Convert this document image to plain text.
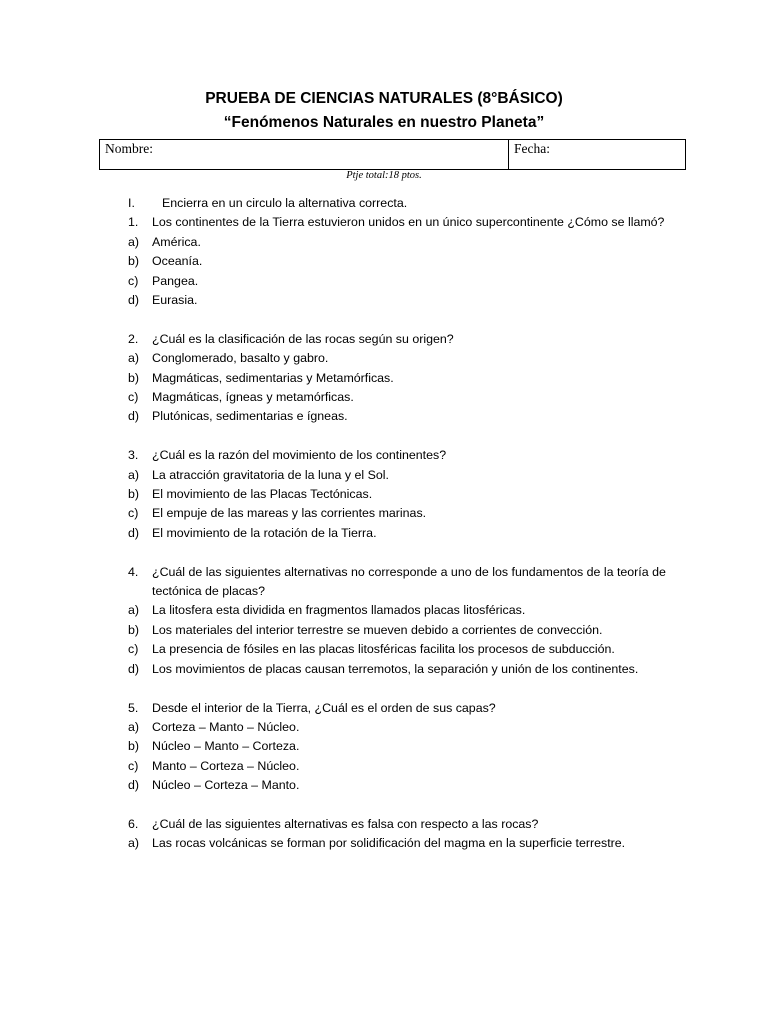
PRUEBA DE CIENCIAS NATURALES (8°BÁSICO)
“Fenómenos Naturales en nuestro Planeta”
Nombre:	Fecha:
Ptje total:18 ptos.
I. Encierra en un circulo la alternativa correcta.
1. Los continentes de la Tierra estuvieron unidos en un único supercontinente ¿Cómo se llamó?
a) América.
b) Oceanía.
c) Pangea.
d) Eurasia.
2. ¿Cuál es la clasificación de las rocas según su origen?
a) Conglomerado, basalto y gabro.
b) Magmáticas, sedimentarias y Metamórficas.
c) Magmáticas, ígneas y metamórficas.
d) Plutónicas, sedimentarias e ígneas.
3. ¿Cuál es la razón del movimiento de los continentes?
a) La atracción gravitatoria de la luna y el Sol.
b) El movimiento de las Placas Tectónicas.
c) El empuje de las mareas y las corrientes marinas.
d) El movimiento de la rotación de la Tierra.
4. ¿Cuál de las siguientes alternativas no corresponde a uno de los fundamentos de la teoría de tectónica de placas?
a) La litosfera esta dividida en fragmentos llamados placas litosféricas.
b) Los materiales del interior terrestre se mueven debido a corrientes de convección.
c) La presencia de fósiles en las placas litosféricas facilita los procesos de subducción.
d) Los movimientos de placas causan terremotos, la separación y unión de los continentes.
5. Desde el interior de la Tierra, ¿Cuál es el orden de sus capas?
a) Corteza – Manto – Núcleo.
b) Núcleo – Manto – Corteza.
c) Manto – Corteza – Núcleo.
d) Núcleo – Corteza – Manto.
6. ¿Cuál de las siguientes alternativas es falsa con respecto a las rocas?
a) Las rocas volcánicas se forman por solidificación del magma en la superficie terrestre.
